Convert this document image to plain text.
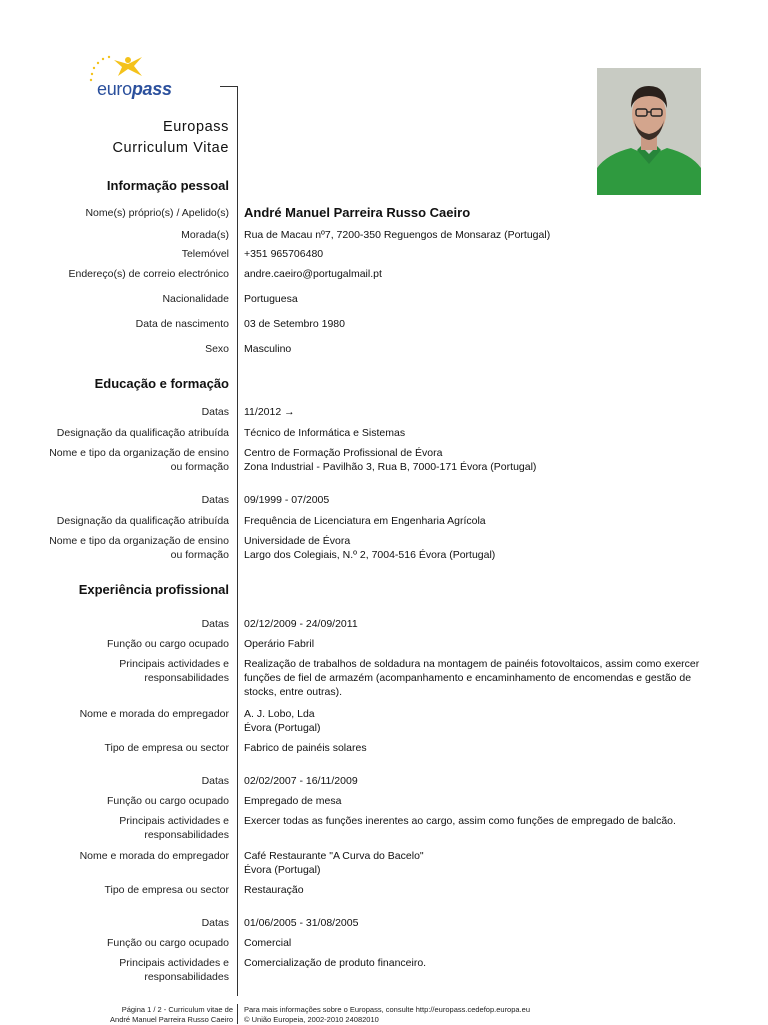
europass
Europass
Curriculum Vitae
Informação pessoal
Nome(s) próprio(s) / Apelido(s) André Manuel Parreira Russo Caeiro
Morada(s) Rua de Macau nº7, 7200-350 Reguengos de Monsaraz (Portugal)
Telemóvel +351 965706480
Endereço(s) de correio electrónico andre.caeiro@portugalmail.pt
Nacionalidade Portuguesa
Data de nascimento 03 de Setembro 1980
Sexo Masculino
Educação e formação
Datas 11/2012 →
Designação da qualificação atribuída Técnico de Informática e Sistemas
Nome e tipo da organização de ensino
ou formação
Centro de Formação Profissional de Évora
Zona Industrial - Pavilhão 3, Rua B, 7000-171 Évora (Portugal)
Datas 09/1999 - 07/2005
Designação da qualificação atribuída Frequência de Licenciatura em Engenharia Agrícola
Nome e tipo da organização de ensino
ou formação
Universidade de Évora
Largo dos Colegiais, N.º 2, 7004-516 Évora (Portugal)
Experiência profissional
Datas 02/12/2009 - 24/09/2011
Função ou cargo ocupado Operário Fabril
Principais actividades e
responsabilidades
Realização de trabalhos de soldadura na montagem de painéis fotovoltaicos, assim como exercer funções de fiel de armazém (acompanhamento e encaminhamento de encomendas e gestão de stocks, entre outras).
Nome e morada do empregador A. J. Lobo, Lda
Évora (Portugal)
Tipo de empresa ou sector Fabrico de painéis solares
Datas 02/02/2007 - 16/11/2009
Função ou cargo ocupado Empregado de mesa
Principais actividades e
responsabilidades
Exercer todas as funções inerentes ao cargo, assim como funções de empregado de balcão.
Nome e morada do empregador Café Restaurante "A Curva do Bacelo"
Évora (Portugal)
Tipo de empresa ou sector Restauração
Datas 01/06/2005 - 31/08/2005
Função ou cargo ocupado Comercial
Principais actividades e
responsabilidades
Comercialização de produto financeiro.
Página 1 / 2 - Curriculum vitae de
André Manuel Parreira Russo Caeiro
Para mais informações sobre o Europass, consulte http://europass.cedefop.europa.eu
© União Europeia, 2002-2010 24082010
